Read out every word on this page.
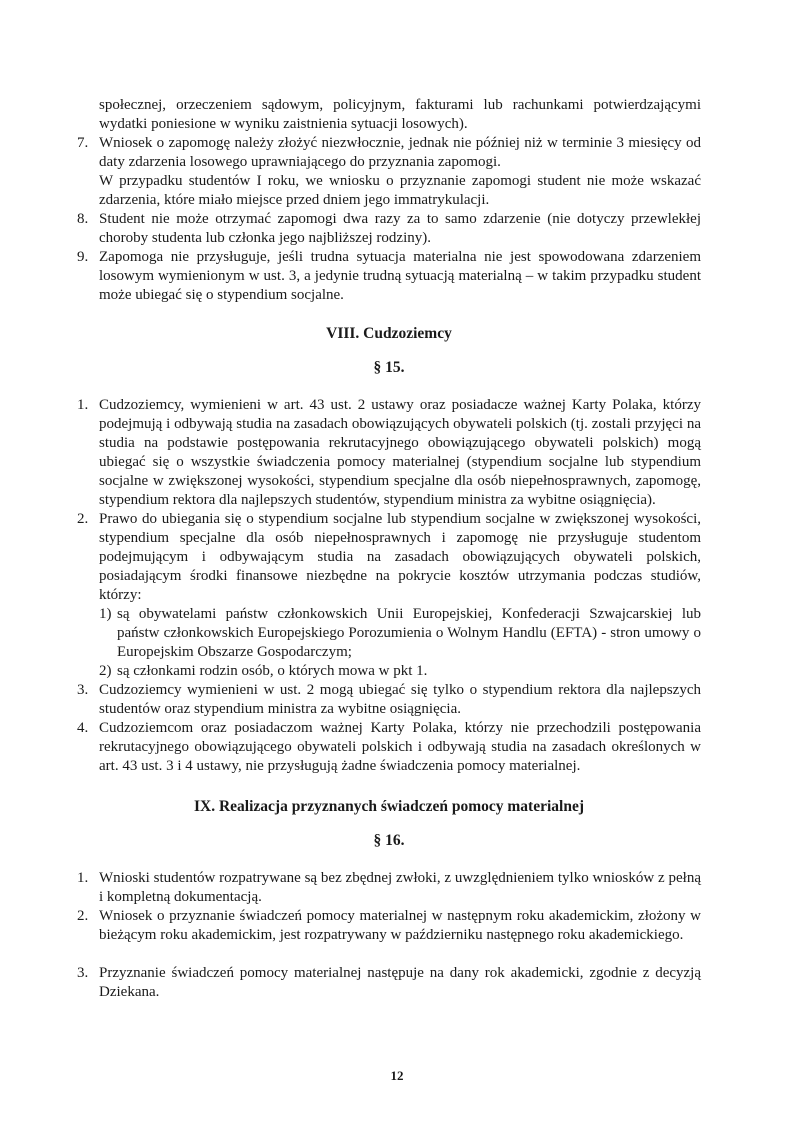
społecznej, orzeczeniem sądowym, policyjnym, fakturami lub rachunkami potwierdzającymi wydatki poniesione w wyniku zaistnienia sytuacji losowych).

7. Wniosek o zapomogę należy złożyć niezwłocznie, jednak nie później niż w terminie 3 miesięcy od daty zdarzenia losowego uprawniającego do przyznania zapomogi.
W przypadku studentów I roku, we wniosku o przyznanie zapomogi student nie może wskazać zdarzenia, które miało miejsce przed dniem jego immatrykulacji.
8. Student nie może otrzymać zapomogi dwa razy za to samo zdarzenie (nie dotyczy przewlekłej choroby studenta lub członka jego najbliższej rodziny).
9. Zapomoga nie przysługuje, jeśli trudna sytuacja materialna nie jest spowodowana zdarzeniem losowym wymienionym w ust. 3, a jedynie trudną sytuacją materialną – w takim przypadku student może ubiegać się o stypendium socjalne.
VIII. Cudzoziemcy
§ 15.
1. Cudzoziemcy, wymienieni w art. 43 ust. 2 ustawy oraz posiadacze ważnej Karty Polaka, którzy podejmują i odbywają studia na zasadach obowiązujących obywateli polskich (tj. zostali przyjęci na studia na podstawie postępowania rekrutacyjnego obowiązującego obywateli polskich) mogą ubiegać się o wszystkie świadczenia pomocy materialnej (stypendium socjalne lub stypendium socjalne w zwiększonej wysokości, stypendium specjalne dla osób niepełnosprawnych, zapomogę, stypendium rektora dla najlepszych studentów, stypendium ministra za wybitne osiągnięcia).
2. Prawo do ubiegania się o stypendium socjalne lub stypendium socjalne w zwiększonej wysokości, stypendium specjalne dla osób niepełnosprawnych i zapomogę nie przysługuje studentom podejmującym i odbywającym studia na zasadach obowiązujących obywateli polskich, posiadającym środki finansowe niezbędne na pokrycie kosztów utrzymania podczas studiów, którzy:
1) są obywatelami państw członkowskich Unii Europejskiej, Konfederacji Szwajcarskiej lub państw członkowskich Europejskiego Porozumienia o Wolnym Handlu (EFTA) - stron umowy o Europejskim Obszarze Gospodarczym;
2) są członkami rodzin osób, o których mowa w pkt 1.
3. Cudzoziemcy wymienieni w ust. 2 mogą ubiegać się tylko o stypendium rektora dla najlepszych studentów oraz stypendium ministra za wybitne osiągnięcia.
4. Cudzoziemcom oraz posiadaczom ważnej Karty Polaka, którzy nie przechodzili postępowania rekrutacyjnego obowiązującego obywateli polskich i odbywają studia na zasadach określonych w art. 43 ust. 3 i 4 ustawy, nie przysługują żadne świadczenia pomocy materialnej.
IX. Realizacja przyznanych świadczeń pomocy materialnej
§ 16.
1. Wnioski studentów rozpatrywane są bez zbędnej zwłoki, z uwzględnieniem tylko wniosków z pełną i kompletną dokumentacją.
2. Wniosek o przyznanie świadczeń pomocy materialnej w następnym roku akademickim, złożony w bieżącym roku akademickim, jest rozpatrywany w październiku następnego roku akademickiego.
3. Przyznanie świadczeń pomocy materialnej następuje na dany rok akademicki, zgodnie z decyzją Dziekana.
12
